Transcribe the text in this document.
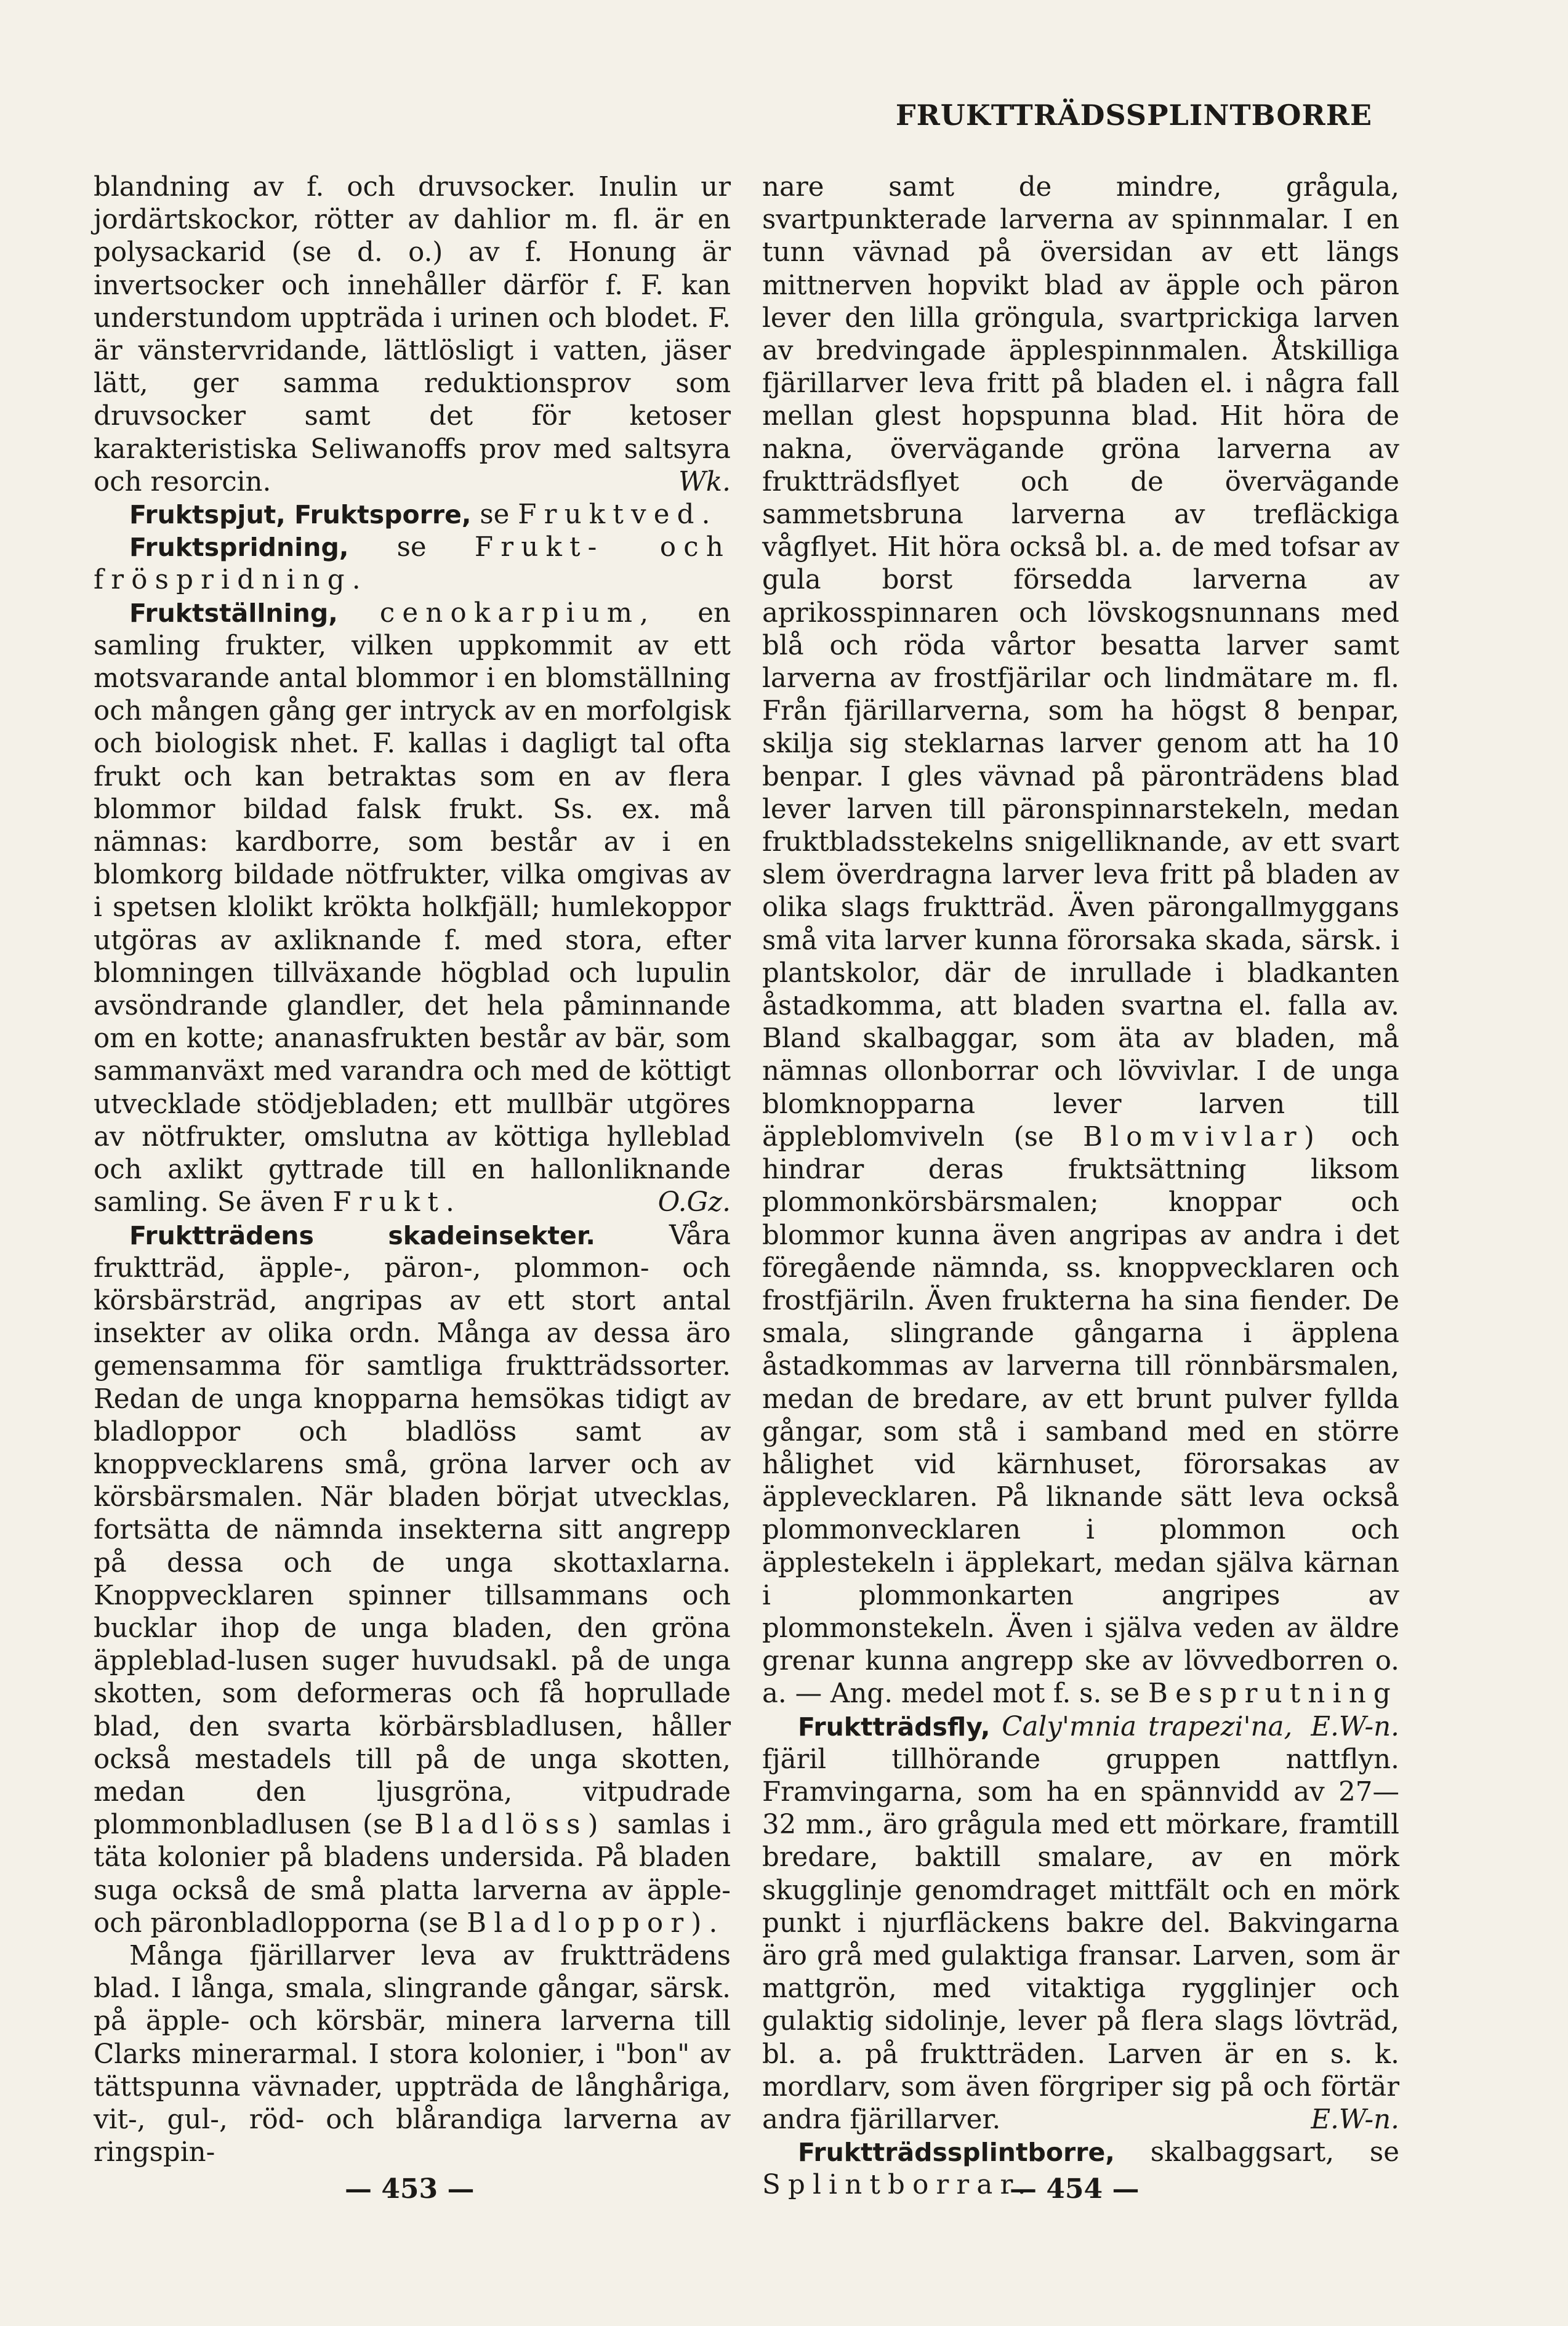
FRUKTTRÄDSSPLINTBORRE

blandning av f. och druvsocker. Inulin ur jordärtskockor, rötter av dahlior m. fl. är en polysackarid (se d. o.) av f. Honung är invertsocker och innehåller därför f. F. kan understundom uppträda i urinen och blodet. F. är vänstervridande, lättlösligt i vatten, jäser lätt, ger samma reduktionsprov som druvsocker samt det för ketoser karakteristiska Seliwanoffs prov med saltsyra och resorcin.	Wk.

Fruktspjut, Fruktsporre, se Fruktved.

Fruktspridning, se Frukt- och fröspridning.

Fruktställning, cenokarpium, en samling frukter, vilken uppkommit av ett motsvarande antal blommor i en blomställning och mången gång ger intryck av en morfolgisk och biologisk nhet. F. kallas i dagligt tal ofta frukt och kan betraktas som en av flera blommor bildad falsk frukt. Ss. ex. må nämnas: kardborre, som består av i en blomkorg bildade nötfrukter, vilka omgivas av i spetsen klolikt krökta holkfjäll; humlekoppor utgöras av axliknande f. med stora, efter blomningen tillväxande högblad och lupulin avsöndrande glandler, det hela påminnande om en kotte; ananasfrukten består av bär, som sammanväxt med varandra och med de köttigt utvecklade stödjebladen; ett mullbär utgöres av nötfrukter, omslutna av köttiga hylleblad och axlikt gyttrade till en hallonliknande samling. Se även Frukt.	O.Gz.

Fruktträdens skadeinsekter.	Våra fruktträd, äpple-, päron-, plommon- och körsbärsträd, angripas av ett stort antal insekter av olika ordn. Många av dessa äro gemensamma för samtliga fruktträdssorter. Redan de unga knopparna hemsökas tidigt av bladloppor och bladlöss samt av knoppvecklarens små, gröna larver och av körsbärsmalen. När bladen börjat utvecklas, fortsätta de nämnda insekterna sitt angrepp på dessa och de unga skottaxlarna. Knoppvecklaren spinner tillsammans och bucklar ihop de unga bladen, den gröna äppleblad-lusen suger huvudsakl. på de unga skotten, som deformeras och få hoprullade blad, den svarta körbärsbladlusen, håller också mestadels till på de unga skotten, medan den ljusgröna, vitpudrade plommonbladlusen (se Bladlöss) samlas i täta kolonier på bladens undersida. På bladen suga också de små platta larverna av äpple- och päronbladlopporna (se Bladloppor).

Många fjärillarver leva av fruktträdens blad. I långa, smala, slingrande gångar, särsk. på äpple- och körsbär, minera larverna till Clarks minerarmal. I stora kolonier, i "bon" av tättspunna vävnader, uppträda de långhåriga, vit-, gul-, röd- och blårandiga larverna av ringspin-

nare samt de mindre, grågula, svartpunkterade larverna av spinnmalar. I en tunn vävnad på översidan av ett längs mittnerven hopvikt blad av äpple och päron lever den lilla gröngula, svartprickiga larven av bredvingade äpplespinnmalen. Åtskilliga fjärillarver leva fritt på bladen el. i några fall mellan glest hopspunna blad. Hit höra de nakna, övervägande gröna larverna av fruktträdsflyet och de övervägande sammetsbruna larverna av trefläckiga vågflyet. Hit höra också bl. a. de med tofsar av gula borst försedda larverna av aprikosspinnaren och lövskogsnunnans med blå och röda vårtor besatta larver samt larverna av frostfjärilar och lindmätare m. fl. Från fjärillarverna, som ha högst 8 benpar, skilja sig steklarnas larver genom att ha 10 benpar. I gles vävnad på päronträdens blad lever larven till päronspinnarstekeln, medan fruktbladsstekelns snigelliknande, av ett svart slem överdragna larver leva fritt på bladen av olika slags fruktträd. Även pärongallmyggans små vita larver kunna förorsaka skada, särsk. i plantskolor, där de inrullade i bladkanten åstadkomma, att bladen svartna el. falla av. Bland skalbaggar, som äta av bladen, må nämnas ollonborrar och lövvivlar. I de unga blomknopparna lever larven till äppleblomviveln (se Blomvivlar) och hindrar deras fruktsättning liksom plommonkörsbärsmalen; knoppar och blommor kunna även angripas av andra i det föregående nämnda, ss. knoppvecklaren och frostfjäriln. Även frukterna ha sina fiender. De smala, slingrande gångarna i äpplena åstadkommas av larverna till rönnbärsmalen, medan de bredare, av ett brunt pulver fyllda gångar, som stå i samband med en större hålighet vid kärnhuset, förorsakas av äpplevecklaren. På liknande sätt leva också plommonvecklaren i plommon och äpplestekeln i äpplekart, medan själva kärnan i plommonkarten angripes av plommonstekeln. Även i själva veden av äldre grenar kunna angrepp ske av lövvedborren o. a. — Ang. medel mot f. s. se Besprutning
E.W-n.

Fruktträdsfly, Caly'mnia trapezi'na, fjäril tillhörande gruppen nattflyn. Framvingarna, som ha en spännvidd av 27—32 mm., äro grågula med ett mörkare, framtill bredare, baktill smalare, av en mörk skugglinje genomdraget mittfält och en mörk punkt i njurfläckens bakre del. Bakvingarna äro grå med gulaktiga fransar. Larven, som är mattgrön, med vitaktiga rygglinjer och gulaktig sidolinje, lever på flera slags lövträd, bl. a. på fruktträden. Larven är en s. k. mordlarv, som även förgriper sig på och förtär andra fjärillarver.	E.W-n.

Fruktträdssplintborre, skalbaggsart, se Splintborrar.

— 453 —	— 454 —
